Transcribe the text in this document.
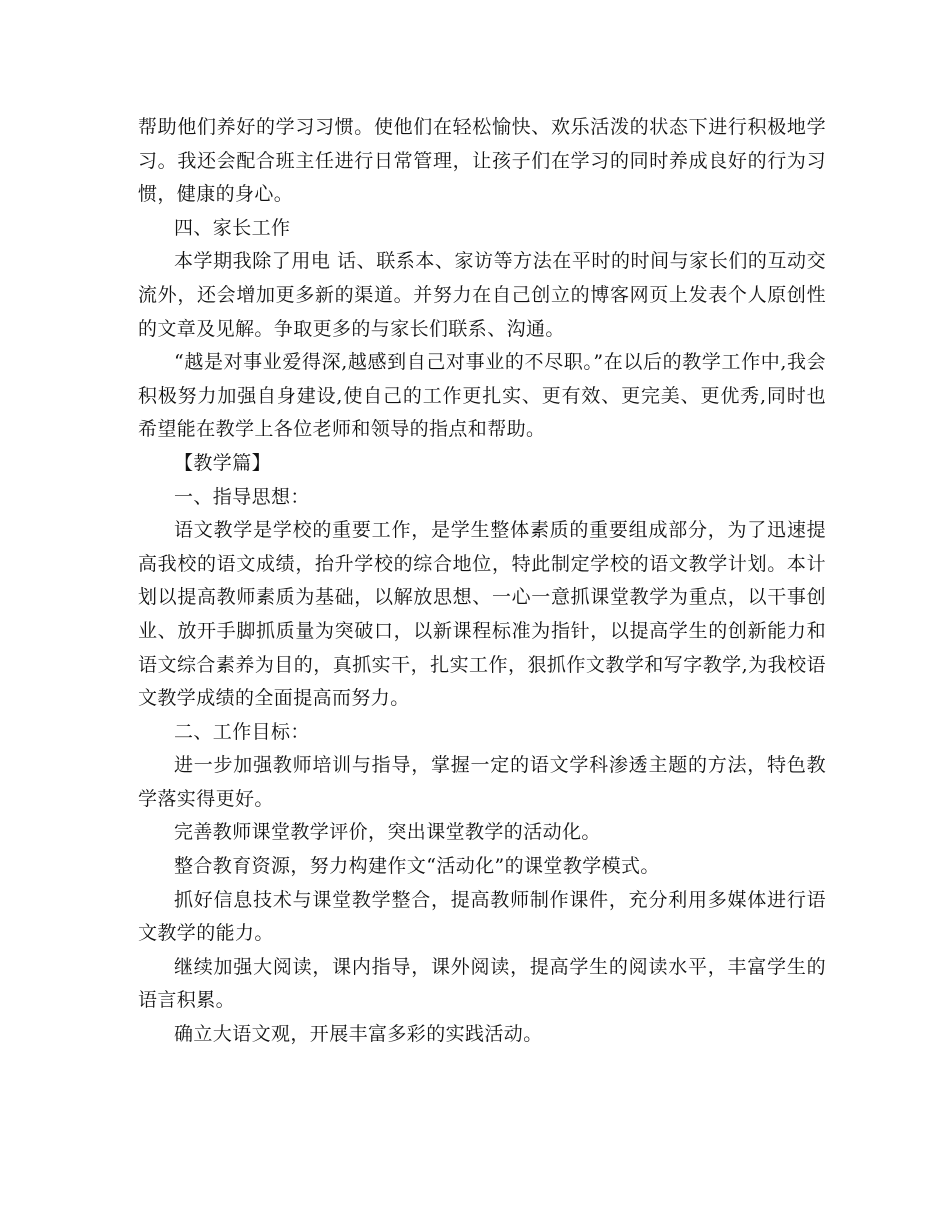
帮助他们养好的学习习惯。使他们在轻松愉快、欢乐活泼的状态下进行积极地学习。我还会配合班主任进行日常管理，让孩子们在学习的同时养成良好的行为习惯，健康的身心。

四、家长工作

本学期我除了用电 话、联系本、家访等方法在平时的时间与家长们的互动交流外，还会增加更多新的渠道。并努力在自己创立的博客网页上发表个人原创性的文章及见解。争取更多的与家长们联系、沟通。

“越是对事业爱得深,越感到自己对事业的不尽职。”在以后的教学工作中,我会积极努力加强自身建设,使自己的工作更扎实、更有效、更完美、更优秀,同时也希望能在教学上各位老师和领导的指点和帮助。

【教学篇】

一、指导思想：

语文教学是学校的重要工作，是学生整体素质的重要组成部分，为了迅速提高我校的语文成绩，抬升学校的综合地位，特此制定学校的语文教学计划。本计划以提高教师素质为基础，以解放思想、一心一意抓课堂教学为重点，以干事创业、放开手脚抓质量为突破口，以新课程标准为指针，以提高学生的创新能力和语文综合素养为目的，真抓实干，扎实工作，狠抓作文教学和写字教学,为我校语文教学成绩的全面提高而努力。

二、工作目标：

进一步加强教师培训与指导，掌握一定的语文学科渗透主题的方法，特色教学落实得更好。

完善教师课堂教学评价，突出课堂教学的活动化。

整合教育资源，努力构建作文“活动化”的课堂教学模式。

抓好信息技术与课堂教学整合，提高教师制作课件，充分利用多媒体进行语文教学的能力。

继续加强大阅读，课内指导，课外阅读，提高学生的阅读水平，丰富学生的语言积累。

确立大语文观，开展丰富多彩的实践活动。
